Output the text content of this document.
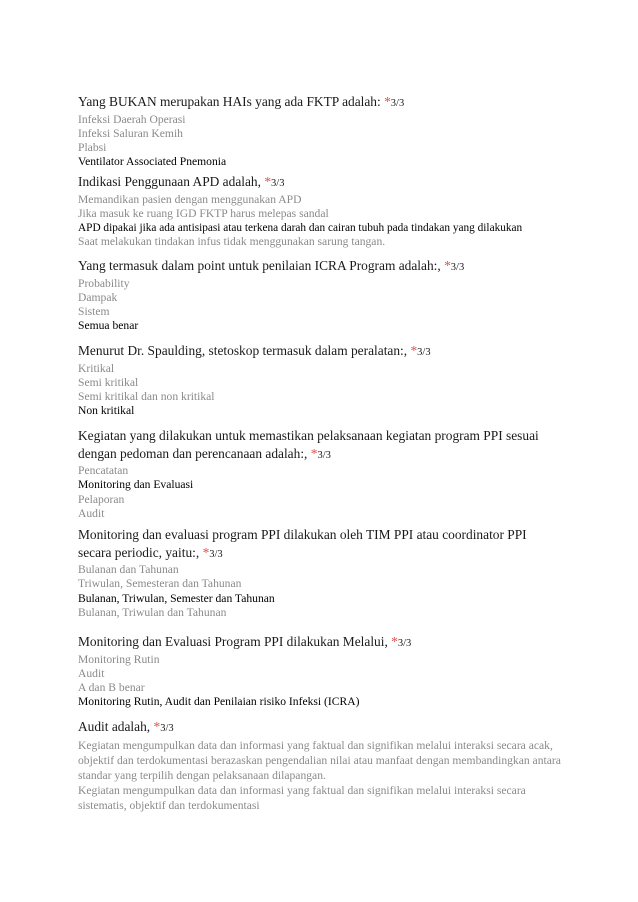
Yang BUKAN merupakan HAIs yang ada FKTP adalah: *3/3

Infeksi Daerah Operasi

Infeksi Saluran Kemih

Plabsi

Ventilator Associated Pnemonia

Indikasi Penggunaan APD adalah, *3/3

Memandikan pasien dengan menggunakan APD

Jika masuk ke ruang IGD FKTP harus melepas sandal

APD dipakai jika ada antisipasi atau terkena darah dan cairan tubuh pada tindakan yang dilakukan

Saat melakukan tindakan infus tidak menggunakan sarung tangan.

Yang termasuk dalam point untuk penilaian ICRA Program adalah:, *3/3

Probability

Dampak

Sistem

Semua benar

Menurut Dr. Spaulding, stetoskop termasuk dalam peralatan:, *3/3

Kritikal

Semi kritikal

Semi kritikal dan non kritikal

Non kritikal

Kegiatan yang dilakukan untuk memastikan pelaksanaan kegiatan program PPI sesuai dengan pedoman dan perencanaan adalah:, *3/3

Pencatatan

Monitoring dan Evaluasi

Pelaporan

Audit

Monitoring dan evaluasi program PPI dilakukan oleh TIM PPI atau coordinator PPI secara periodic, yaitu:, *3/3

Bulanan dan Tahunan

Triwulan, Semesteran dan Tahunan

Bulanan, Triwulan, Semester dan Tahunan

Bulanan, Triwulan dan Tahunan

Monitoring dan Evaluasi Program PPI dilakukan Melalui, *3/3

Monitoring Rutin

Audit

A dan B benar

Monitoring Rutin, Audit dan Penilaian risiko Infeksi (ICRA)

Audit adalah, *3/3

Kegiatan mengumpulkan data dan informasi yang faktual dan signifikan melalui interaksi secara acak, objektif dan terdokumentasi berazaskan pengendalian nilai atau manfaat dengan membandingkan antara standar yang terpilih dengan pelaksanaan dilapangan.

Kegiatan mengumpulkan data dan informasi yang faktual dan signifikan melalui interaksi secara sistematis, objektif dan terdokumentasi
